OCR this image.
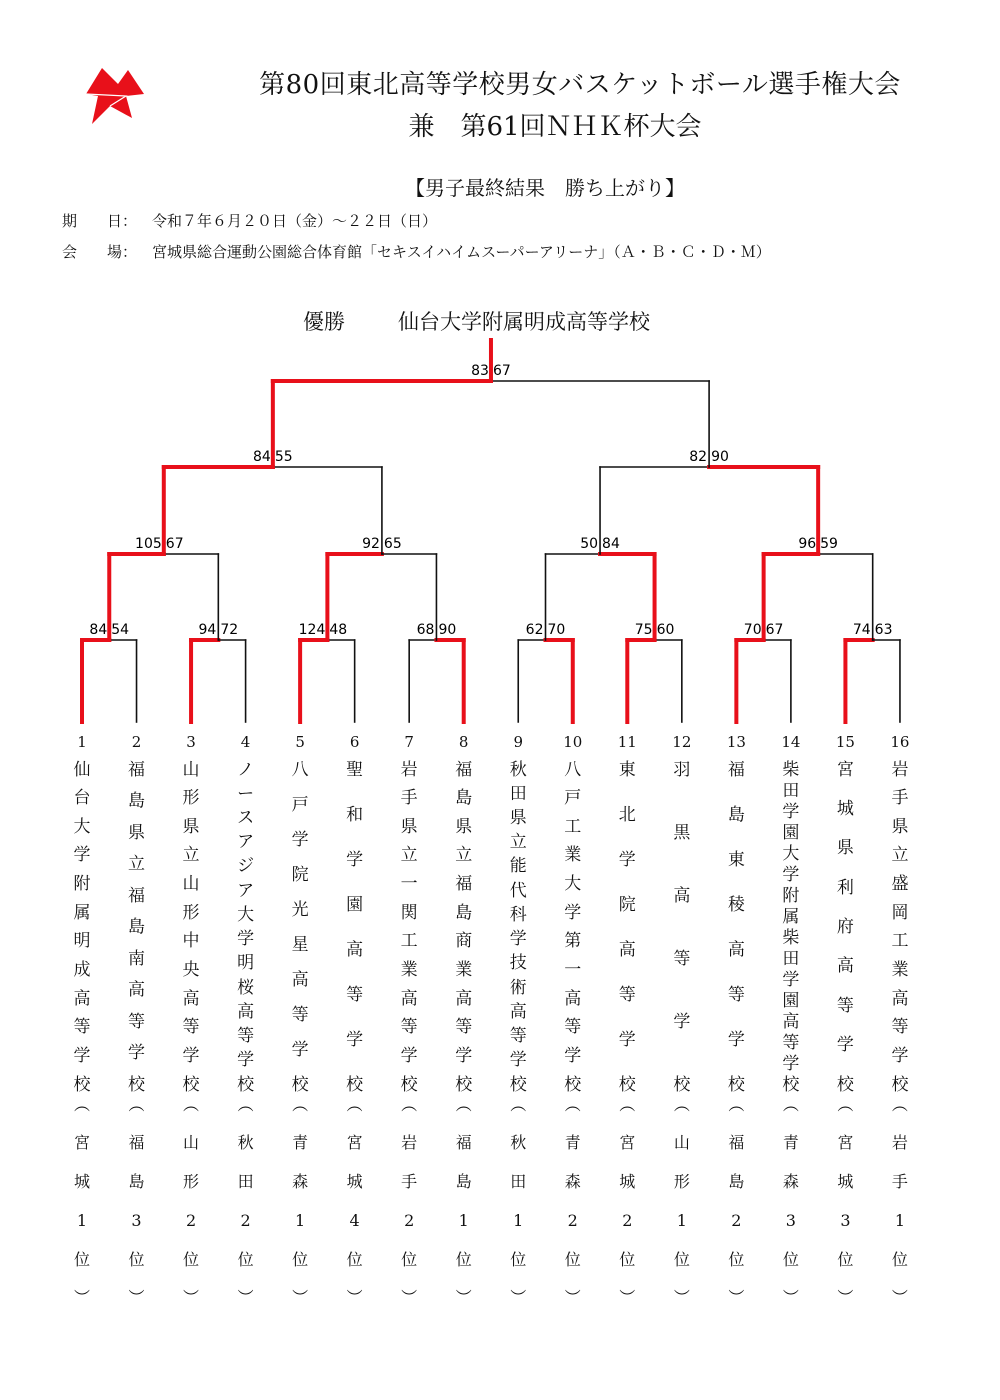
第80回東北高等学校男女バスケットボール選手権大会
兼　第61回ＮＨＫ杯大会
【男子最終結果　勝ち上がり】
期　　日： 令和７年６月２０日（金）～２２日（日）
会　　場： 宮城県総合運動公園総合体育館「セキスイハイムスーパーアリーナ」（Ａ・Ｂ・Ｃ・Ｄ・Ｍ）
優勝	仙台大学附属明成高等学校
84 54	94 72	124 48	68 90	62 70	75 60	70 67	74 63
105 67	92 65	50 84	96 59
84 55	82 90
83 67
1
仙
台
大
学
附
属
明
成
高
等
学
校
︵
宮
城
1
位
︶
2
福
島
県
立
福
島
南
高
等
学
校
︵
福
島
3
位
︶
3
山
形
県
立
山
形
中
央
高
等
学
校
︵
山
形
2
位
︶
4
ノ
ー
ス
ア
ジ
ア
大
学
明
桜
高
等
学
校
︵
秋
田
2
位
︶
5
八
戸
学
院
光
星
高
等
学
校
︵
青
森
1
位
︶
6
聖
和
学
園
高
等
学
校
︵
宮
城
4
位
︶
7
岩
手
県
立
一
関
工
業
高
等
学
校
︵
岩
手
2
位
︶
8
福
島
県
立
福
島
商
業
高
等
学
校
︵
福
島
1
位
︶
9
秋
田
県
立
能
代
科
学
技
術
高
等
学
校
︵
秋
田
1
位
︶
10
八
戸
工
業
大
学
第
一
高
等
学
校
︵
青
森
2
位
︶
11
東
北
学
院
高
等
学
校
︵
宮
城
2
位
︶
12
羽
黒
高
等
学
校
︵
山
形
1
位
︶
13
福
島
東
稜
高
等
学
校
︵
福
島
2
位
︶
14
柴
田
学
園
大
学
附
属
柴
田
学
園
高
等
学
校
︵
青
森
3
位
︶
15
宮
城
県
利
府
高
等
学
校
︵
宮
城
3
位
︶
16
岩
手
県
立
盛
岡
工
業
高
等
学
校
︵
岩
手
1
位
︶
